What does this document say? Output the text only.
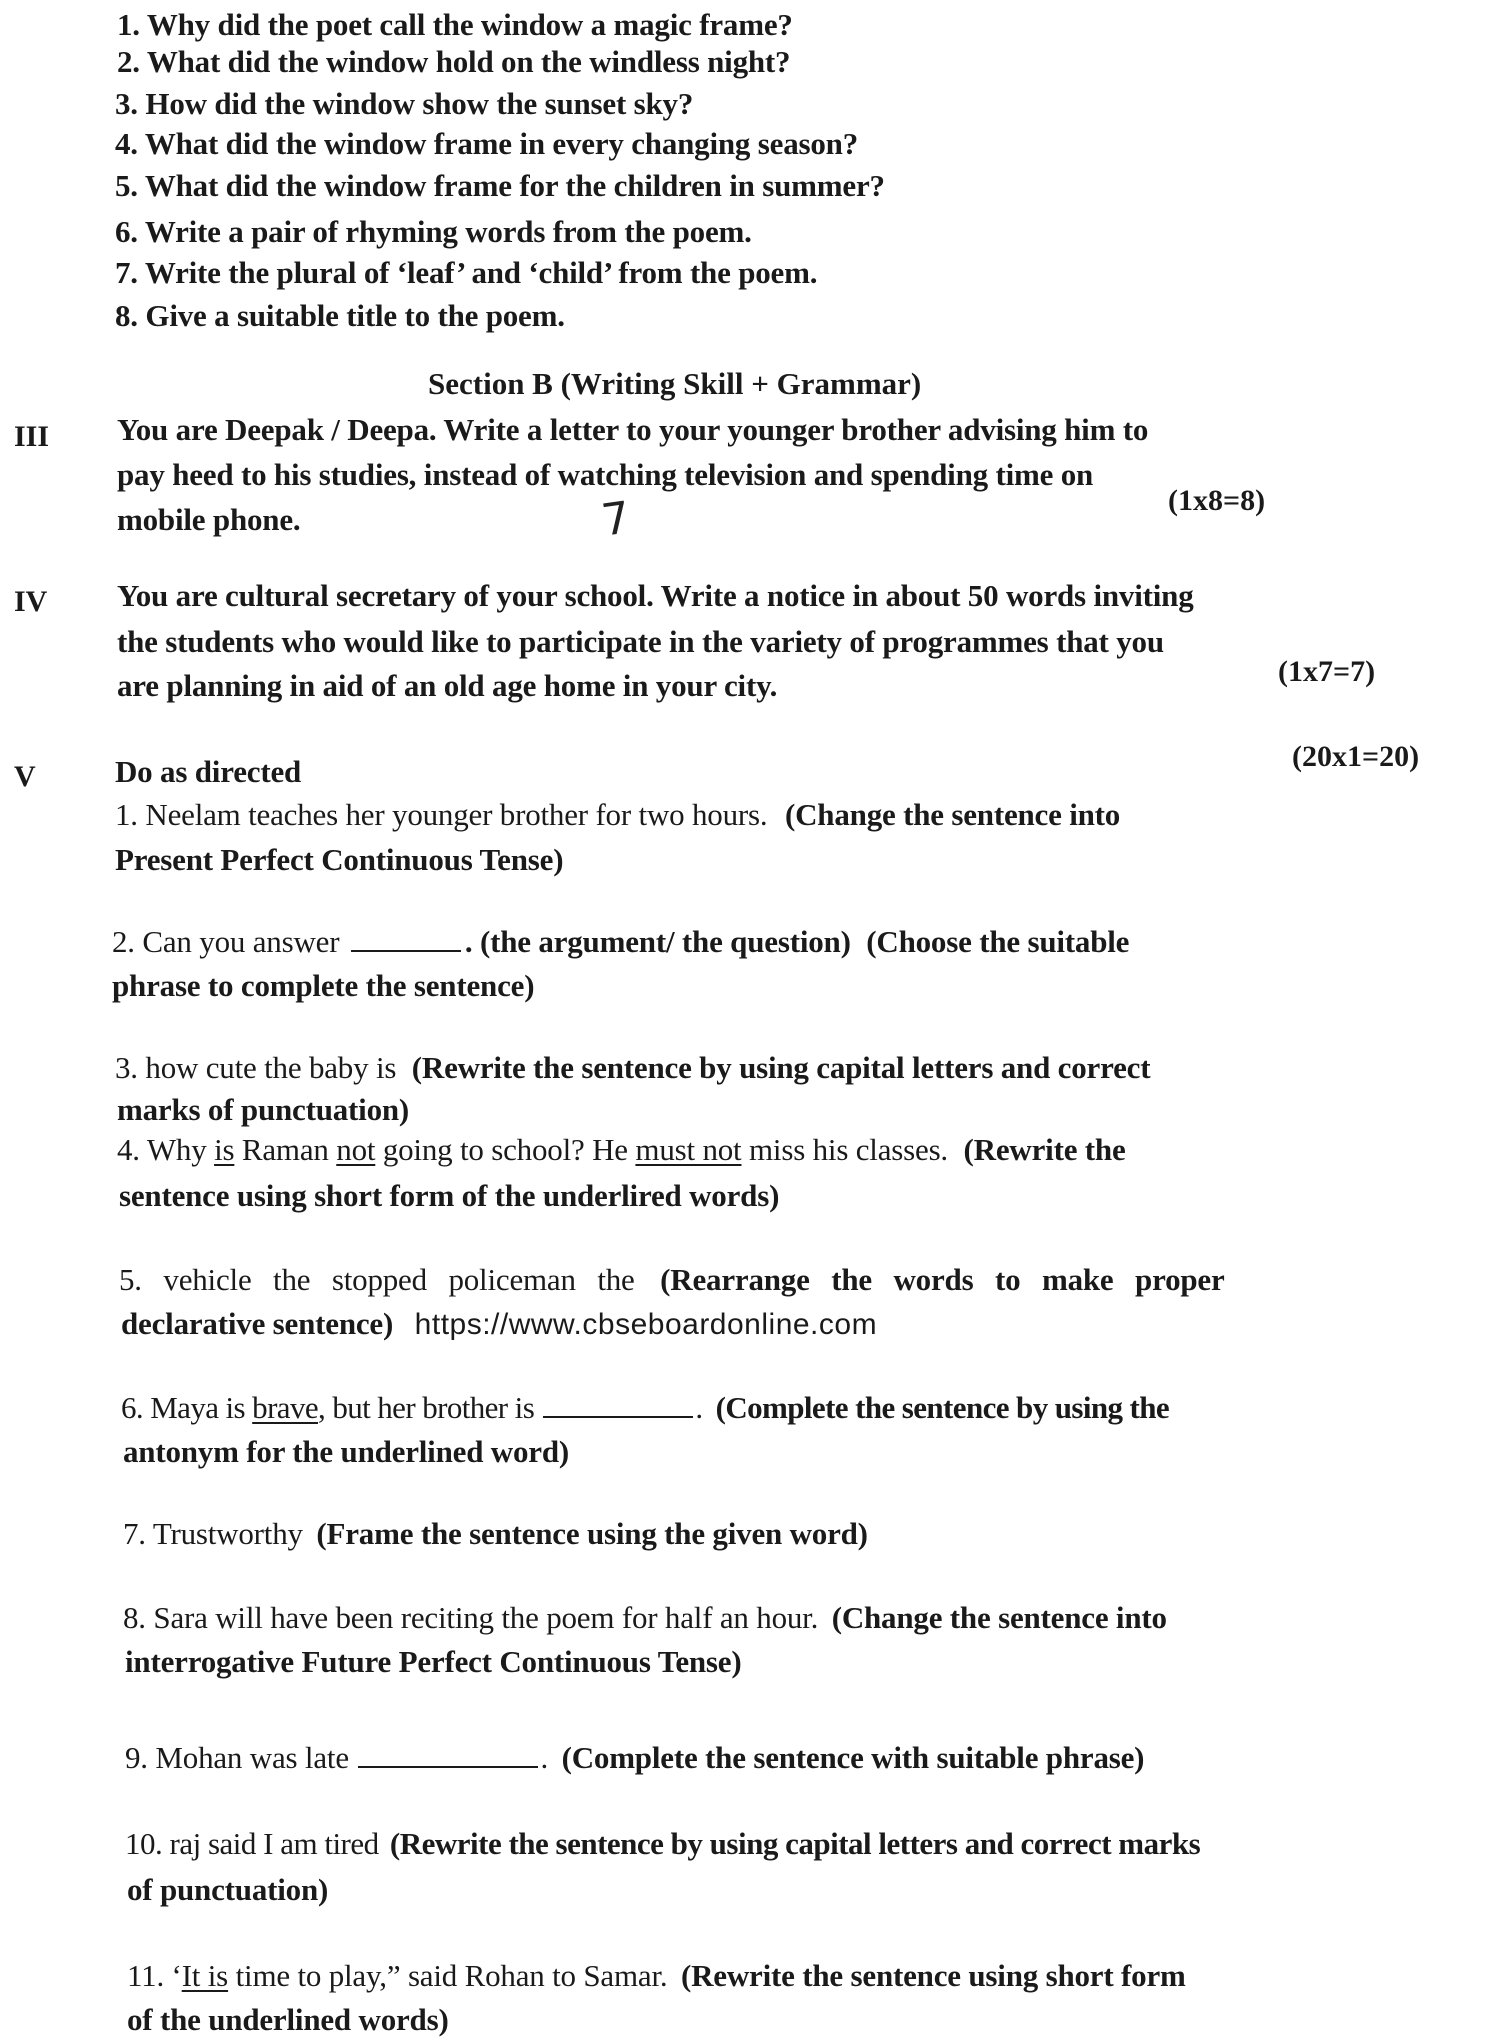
1. Why did the poet call the window a magic frame?
2. What did the window hold on the windless night?
3. How did the window show the sunset sky?
4. What did the window frame in every changing season?
5. What did the window frame for the children in summer?
6. Write a pair of rhyming words from the poem.
7. Write the plural of ‘leaf’ and ‘child’ from the poem.
8. Give a suitable title to the poem.
Section B (Writing Skill + Grammar)
III You are Deepak / Deepa. Write a letter to your younger brother advising him to
pay heed to his studies, instead of watching television and spending time on
mobile phone.
(1x8=8)
7
IV You are cultural secretary of your school. Write a notice in about 50 words inviting
the students who would like to participate in the variety of programmes that you
are planning in aid of an old age home in your city.	(1x7=7)
V	Do as directed	(20x1=20)
1. Neelam teaches her younger brother for two hours. (Change the sentence into
Present Perfect Continuous Tense)
2. Can you answer	. (the argument/ the question) (Choose the suitable
phrase to complete the sentence)
3. how cute the baby is (Rewrite the sentence by using capital letters and correct
marks of punctuation)
4. Why is Raman not going to school? He must not miss his classes. (Rewrite the
sentence using short form of the underlired words)
5. vehicle the stopped policeman the (Rearrange the words to make proper
declarative sentence) https://www.cbseboardonline.com
6. Maya is brave, but her brother is	. (Complete the sentence by using the
antonym for the underlined word)
7. Trustworthy (Frame the sentence using the given word)
8. Sara will have been reciting the poem for half an hour. (Change the sentence into
interrogative Future Perfect Continuous Tense)
9. Mohan was late	. (Complete the sentence with suitable phrase)
10. raj said I am tired (Rewrite the sentence by using capital letters and correct marks
of punctuation)
11. ‘It is time to play,” said Rohan to Samar. (Rewrite the sentence using short form
of the underlined words)
